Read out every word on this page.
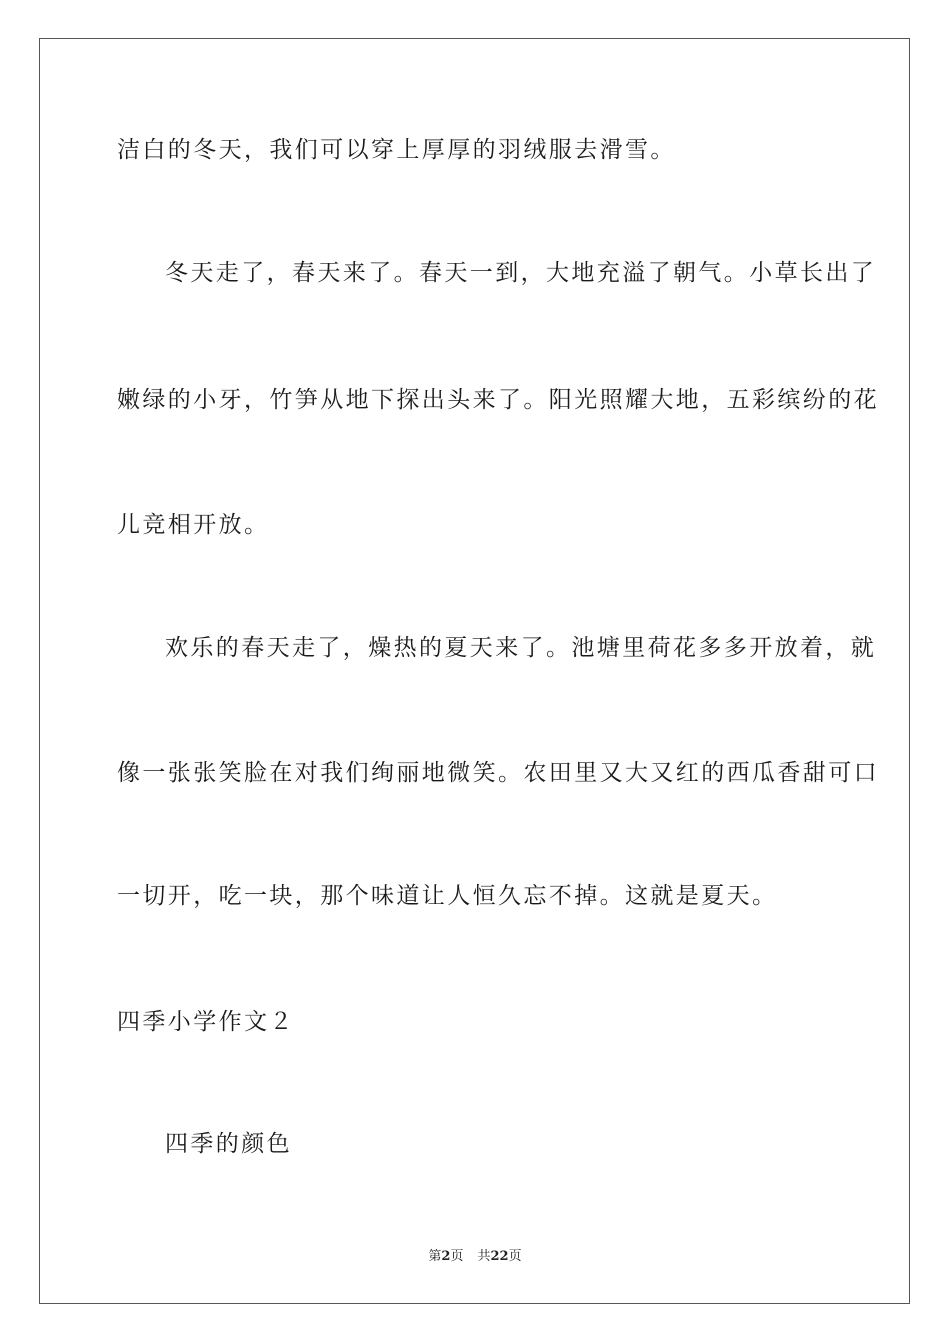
洁白的冬天，我们可以穿上厚厚的羽绒服去滑雪。
冬天走了，春天来了。春天一到，大地充溢了朝气。小草长出了
嫩绿的小牙，竹笋从地下探出头来了。阳光照耀大地，五彩缤纷的花
儿竞相开放。
欢乐的春天走了，燥热的夏天来了。池塘里荷花多多开放着，就
像一张张笑脸在对我们绚丽地微笑。农田里又大又红的西瓜香甜可口
一切开，吃一块，那个味道让人恒久忘不掉。这就是夏天。
四季小学作文２
四季的颜色
第2页 共22页
